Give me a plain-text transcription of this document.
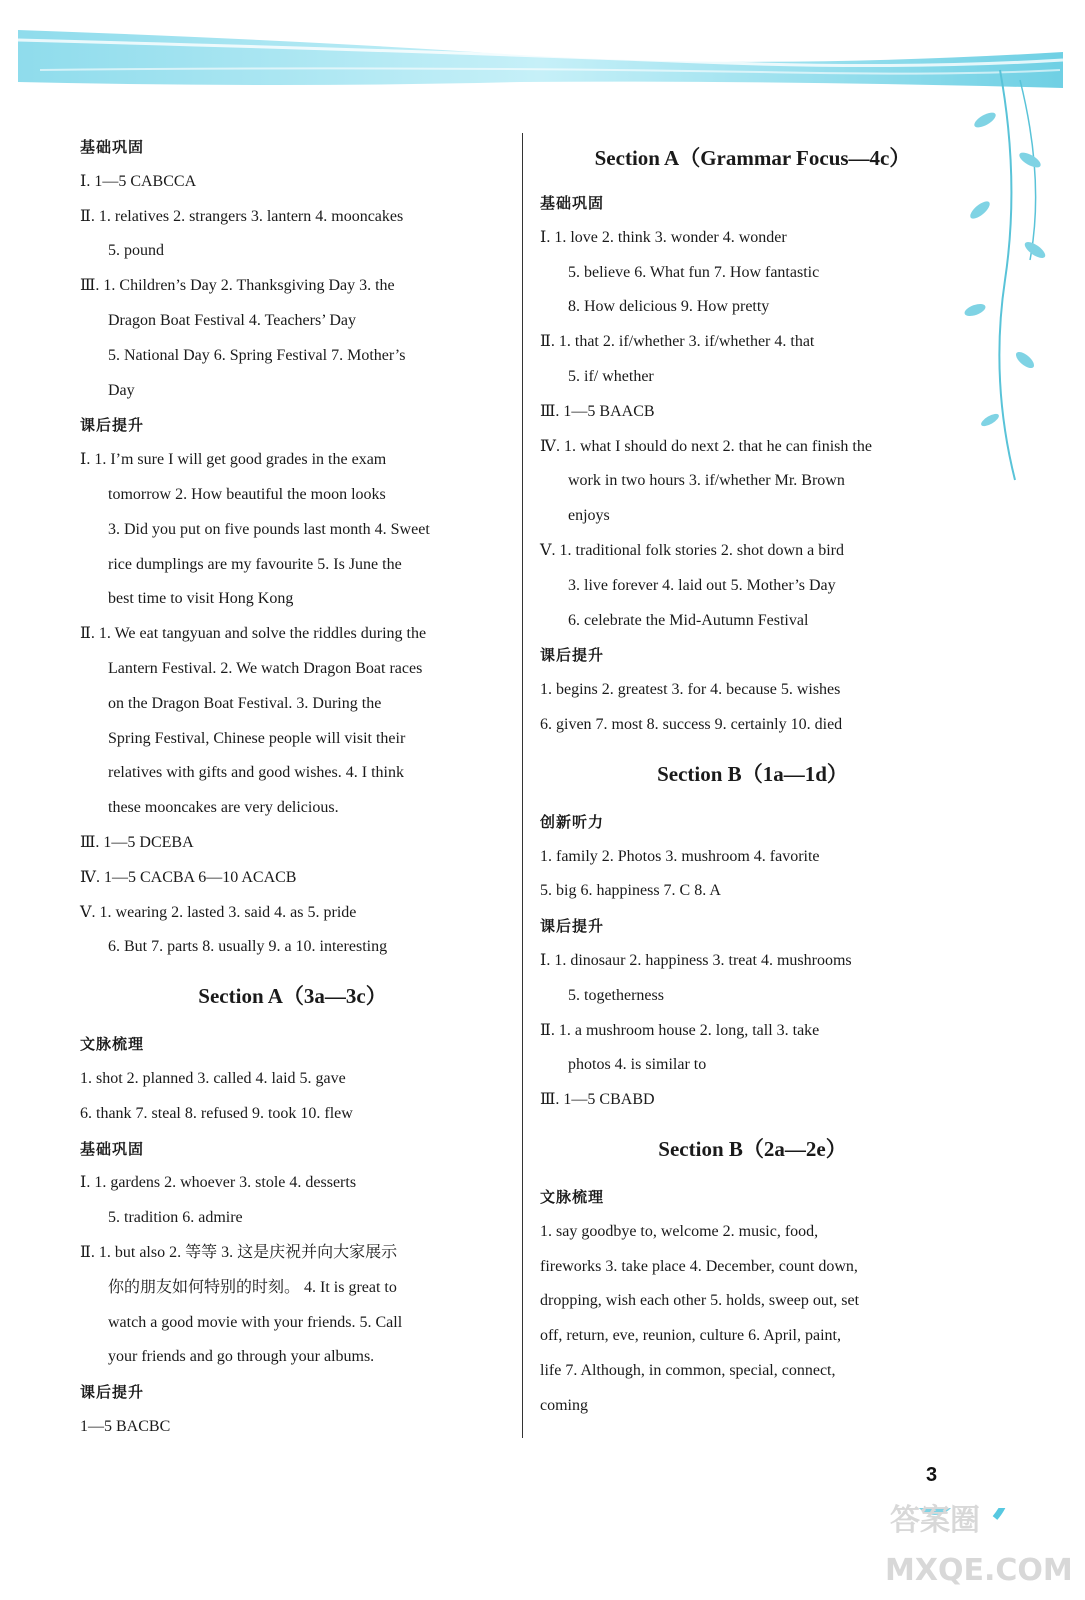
基础巩固
Ⅰ. 1—5 CABCCA
Ⅱ. 1. relatives 2. strangers 3. lantern 4. mooncakes
5. pound
Ⅲ. 1. Children’s Day 2. Thanksgiving Day 3. the
Dragon Boat Festival 4. Teachers’ Day
5. National Day 6. Spring Festival 7. Mother’s
Day
课后提升
Ⅰ. 1. I’m sure I will get good grades in the exam
tomorrow 2. How beautiful the moon looks
3. Did you put on five pounds last month 4. Sweet
rice dumplings are my favourite 5. Is June the
best time to visit Hong Kong
Ⅱ. 1. We eat tangyuan and solve the riddles during the
Lantern Festival. 2. We watch Dragon Boat races
on the Dragon Boat Festival. 3. During the
Spring Festival, Chinese people will visit their
relatives with gifts and good wishes. 4. I think
these mooncakes are very delicious.
Ⅲ. 1—5 DCEBA
Ⅳ. 1—5 CACBA 6—10 ACACB
Ⅴ. 1. wearing 2. lasted 3. said 4. as 5. pride
6. But 7. parts 8. usually 9. a 10. interesting
Section A（3a—3c）
文脉梳理
1. shot 2. planned 3. called 4. laid 5. gave
6. thank 7. steal 8. refused 9. took 10. flew
基础巩固
Ⅰ. 1. gardens 2. whoever 3. stole 4. desserts
5. tradition 6. admire
Ⅱ. 1. but also 2. 等等 3. 这是庆祝并向大家展示
你的朋友如何特别的时刻。 4. It is great to
watch a good movie with your friends. 5. Call
your friends and go through your albums.
课后提升
1—5 BACBC
Section A（Grammar Focus—4c）
基础巩固
Ⅰ. 1. love 2. think 3. wonder 4. wonder
5. believe 6. What fun 7. How fantastic
8. How delicious 9. How pretty
Ⅱ. 1. that 2. if/whether 3. if/whether 4. that
5. if/ whether
Ⅲ. 1—5 BAACB
Ⅳ. 1. what I should do next 2. that he can finish the
work in two hours 3. if/whether Mr. Brown
enjoys
Ⅴ. 1. traditional folk stories 2. shot down a bird
3. live forever 4. laid out 5. Mother’s Day
6. celebrate the Mid-Autumn Festival
课后提升
1. begins 2. greatest 3. for 4. because 5. wishes
6. given 7. most 8. success 9. certainly 10. died
Section B（1a—1d）
创新听力
1. family 2. Photos 3. mushroom 4. favorite
5. big 6. happiness 7. C 8. A
课后提升
Ⅰ. 1. dinosaur 2. happiness 3. treat 4. mushrooms
5. togetherness
Ⅱ. 1. a mushroom house 2. long, tall 3. take
photos 4. is similar to
Ⅲ. 1—5 CBABD
Section B（2a—2e）
文脉梳理
1. say goodbye to, welcome 2. music, food,
fireworks 3. take place 4. December, count down,
dropping, wish each other 5. holds, sweep out, set
off, return, eve, reunion, culture 6. April, paint,
life 7. Although, in common, special, connect,
coming
3
答案圈
MXQE.COM
